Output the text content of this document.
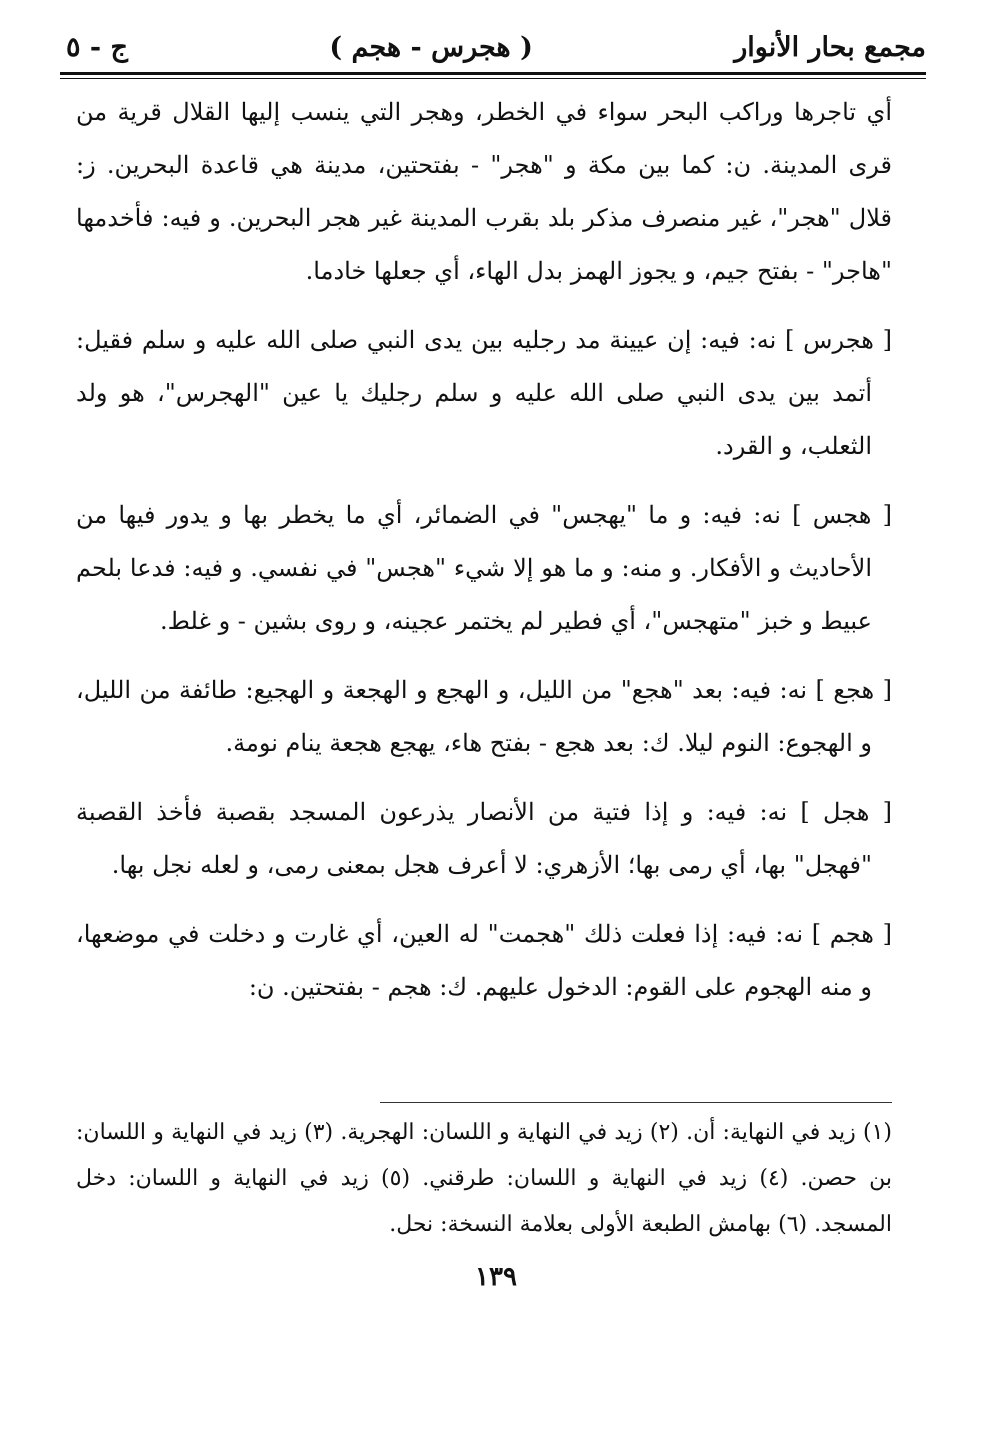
مجمع بحار الأنوار
( هجرس - هجم )
ج - ٥

أي تاجرها وراكب البحر سواء في الخطر، وهجر التي ينسب إليها القلال قرية من قرى المدينة. ن: كما بين مكة و "هجر" - بفتحتين، مدينة هي قاعدة البحرين. ز: قلال "هجر"، غير منصرف مذكر بلد بقرب المدينة غير هجر البحرين. و فيه: فأخدمها "هاجر" - بفتح جيم، و يجوز الهمز بدل الهاء، أي جعلها خادما.

[ هجرس ] نه: فيه: إن عيينة مد رجليه بين يدى النبي صلى الله عليه و سلم فقيل: أتمد بين يدى النبي صلى الله عليه و سلم رجليك يا عين "الهجرس"، هو ولد الثعلب، و القرد.

[ هجس ] نه: فيه: و ما "يهجس" في الضمائر، أي ما يخطر بها و يدور فيها من الأحاديث و الأفكار. و منه: و ما هو إلا شيء "هجس" في نفسي. و فيه: فدعا بلحم عبيط و خبز "متهجس"، أي فطير لم يختمر عجينه، و روى بشين - و غلط.

[ هجع ] نه: فيه: بعد "هجع" من الليل، و الهجع و الهجعة و الهجيع: طائفة من الليل، و الهجوع: النوم ليلا. ك: بعد هجع - بفتح هاء، يهجع هجعة ينام نومة.

[ هجل ] نه: فيه: و إذا فتية من الأنصار يذرعون المسجد بقصبة فأخذ القصبة "فهجل" بها، أي رمى بها؛ الأزهري: لا أعرف هجل بمعنى رمى، و لعله نجل بها.

[ هجم ] نه: فيه: إذا فعلت ذلك "هجمت" له العين، أي غارت و دخلت في موضعها، و منه الهجوم على القوم: الدخول عليهم. ك: هجم - بفتحتين. ن:

(١) زيد في النهاية: أن. (٢) زيد في النهاية و اللسان: الهجرية. (٣) زيد في النهاية و اللسان: بن حصن. (٤) زيد في النهاية و اللسان: طرقني. (٥) زيد في النهاية و اللسان: دخل المسجد. (٦) بهامش الطبعة الأولى بعلامة النسخة: نحل.

١٣٩
